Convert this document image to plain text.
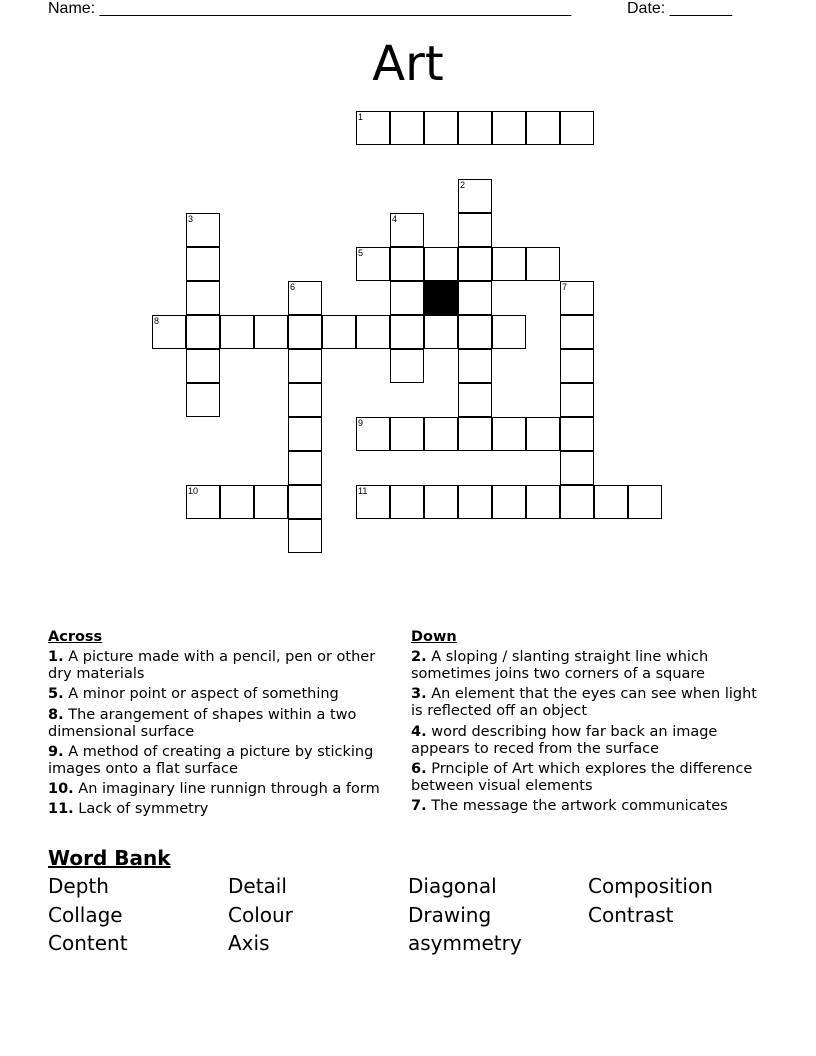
Name: _____________________________________________________	Date: _______
Art
1
5
8
9
10	11
2
3	4
6	7
Across
1. A picture made with a pencil, pen or other dry materials
5. A minor point or aspect of something
8. The arangement of shapes within a two dimensional surface
9. A method of creating a picture by sticking images onto a flat surface
10. An imaginary line runnign through a form
11. Lack of symmetry
Down
2. A sloping / slanting straight line which sometimes joins two corners of a square
3. An element that the eyes can see when light is reflected off an object
4. word describing how far back an image appears to reced from the surface
6. Prnciple of Art which explores the difference between visual elements
7. The message the artwork communicates
Word Bank
Depth	Detail	Diagonal	Composition
Collage	Colour	Drawing	Contrast
Content	Axis	asymmetry
